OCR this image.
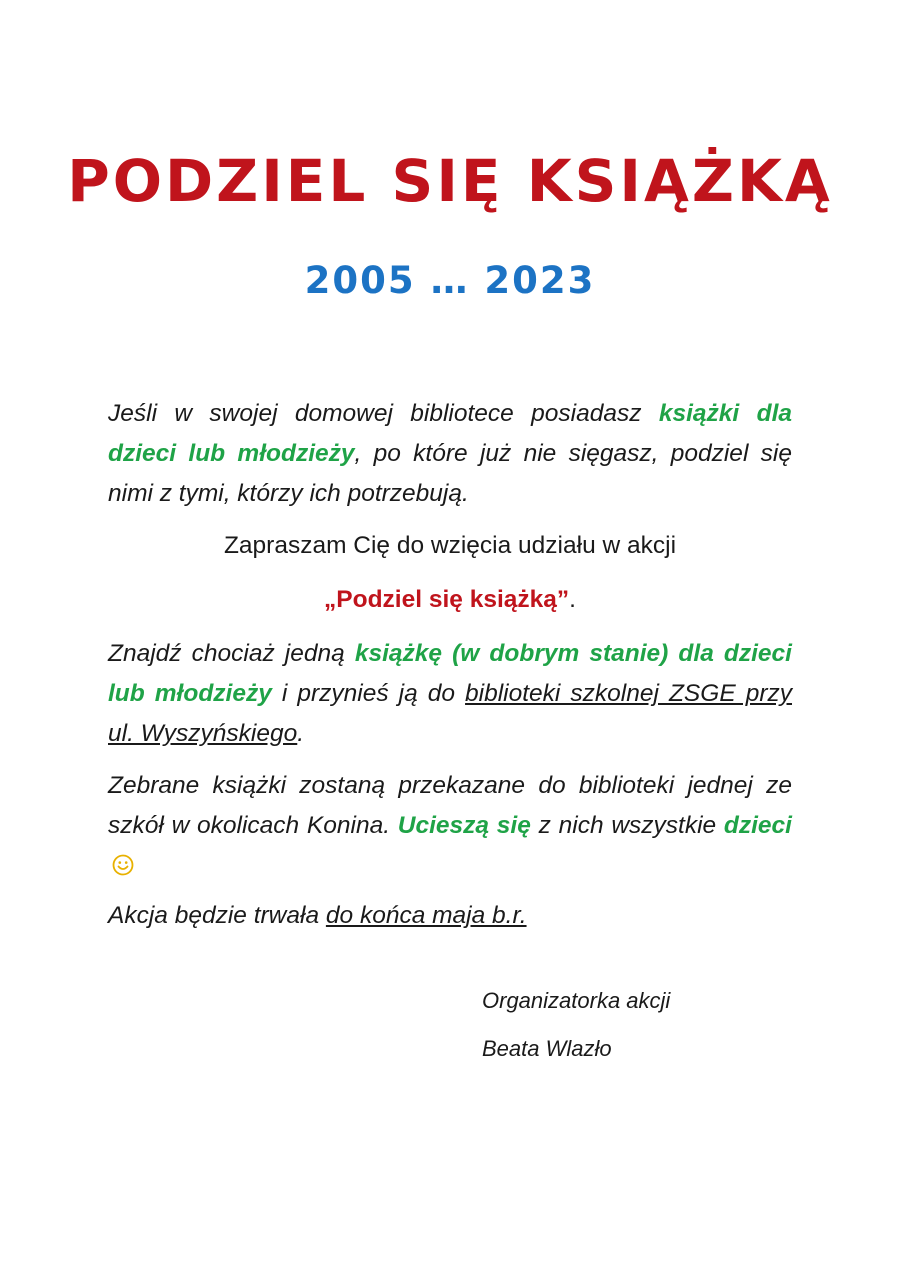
PODZIEL SIĘ KSIĄŻKĄ
2005 … 2023

Jeśli w swojej domowej bibliotece posiadasz książki dla dzieci lub młodzieży, po które już nie sięgasz, podziel się nimi z tymi, którzy ich potrzebują.

Zapraszam Cię do wzięcia udziału w akcji

„Podziel się książką”.

Znajdź chociaż jedną książkę (w dobrym stanie) dla dzieci lub młodzieży i przynieś ją do biblioteki szkolnej ZSGE przy ul. Wyszyńskiego.

Zebrane książki zostaną przekazane do biblioteki jednej ze szkół w okolicach Konina. Ucieszą się z nich wszystkie dzieci

Akcja będzie trwała do końca maja b.r.

Organizatorka akcji

Beata Wlazło
